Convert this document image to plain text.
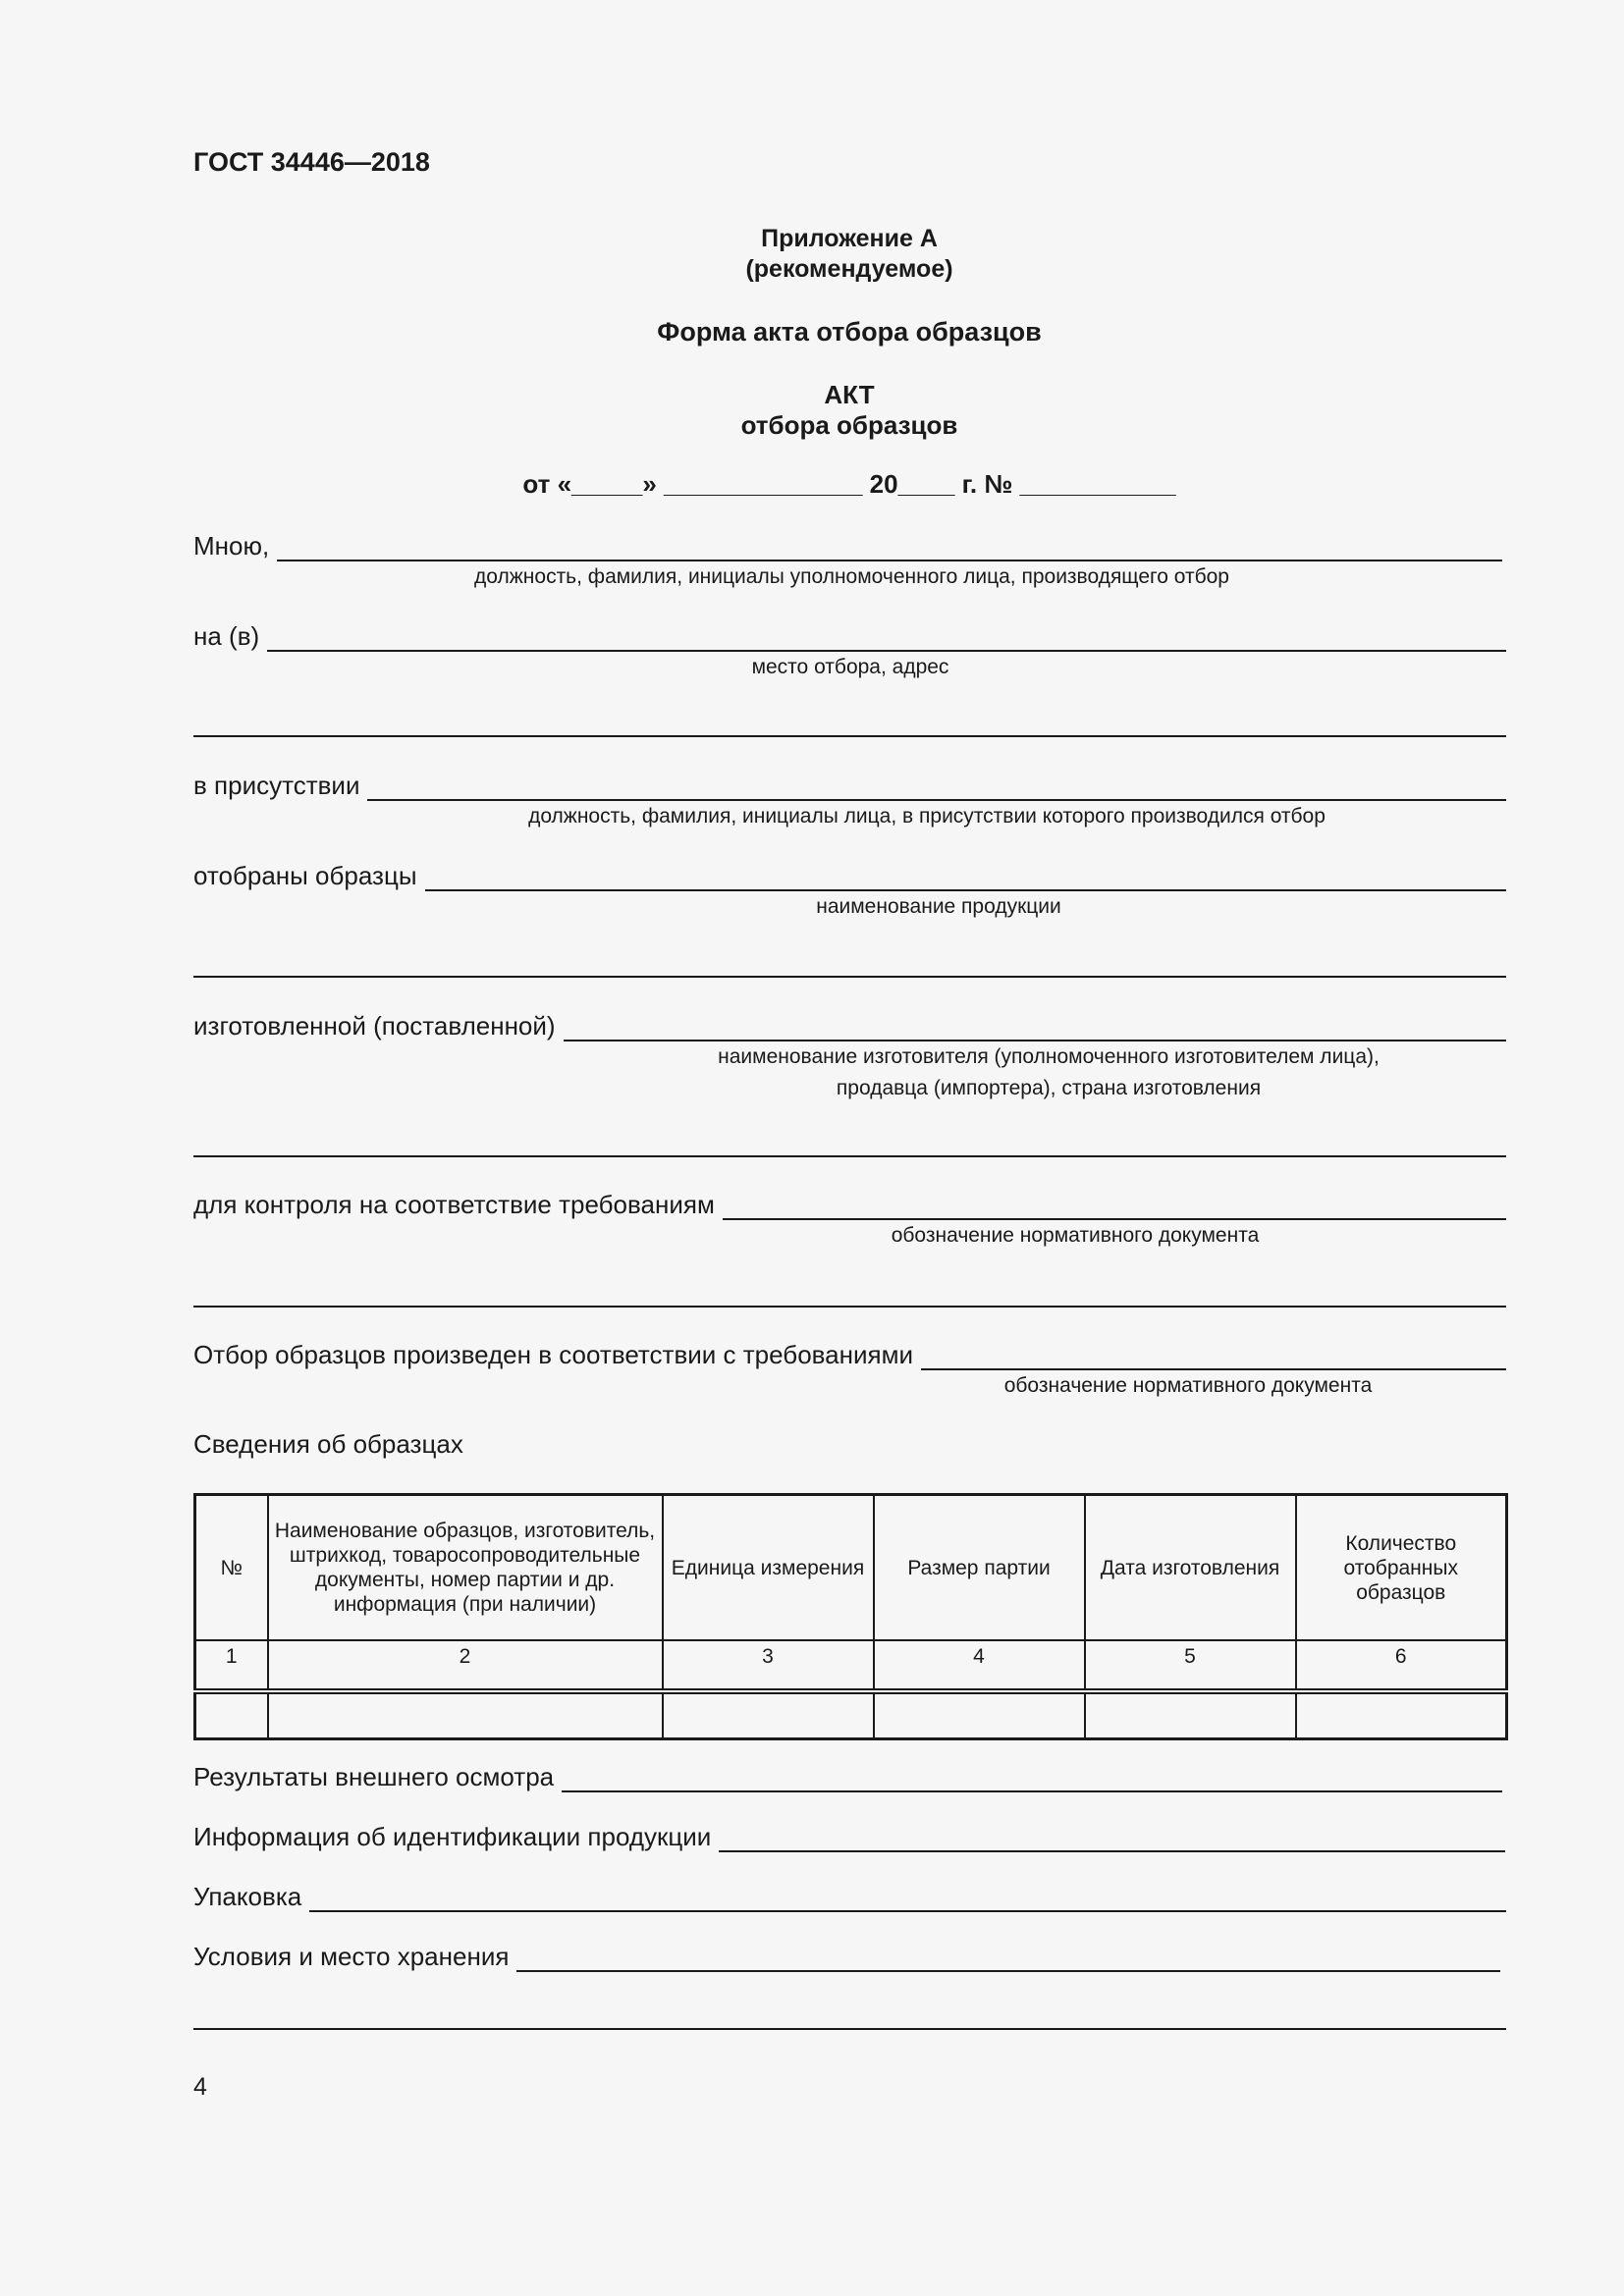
ГОСТ 34446—2018
Приложение А
(рекомендуемое)
Форма акта отбора образцов
АКТ
отбора образцов
от «_____» ______________ 20____ г. № ___________
Мною,
должность, фамилия, инициалы уполномоченного лица, производящего отбор
на (в)
место отбора, адрес
в присутствии
должность, фамилия, инициалы лица, в присутствии которого производился отбор
отобраны образцы
наименование продукции
изготовленной (поставленной)
наименование изготовителя (уполномоченного изготовителем лица),
продавца (импортера), страна изготовления
для контроля на соответствие требованиям
обозначение нормативного документа
Отбор образцов произведен в соответствии с требованиями
обозначение нормативного документа
Сведения об образцах
№	Наименование образцов, изготовитель, штрихкод, товаросопроводительные документы, номер партии и др. информация (при наличии)	Единица измерения	Размер партии	Дата изготовления	Количество отобранных образцов
1	2	3	4	5	6

Результаты внешнего осмотра
Информация об идентификации продукции
Упаковка
Условия и место хранения
4
